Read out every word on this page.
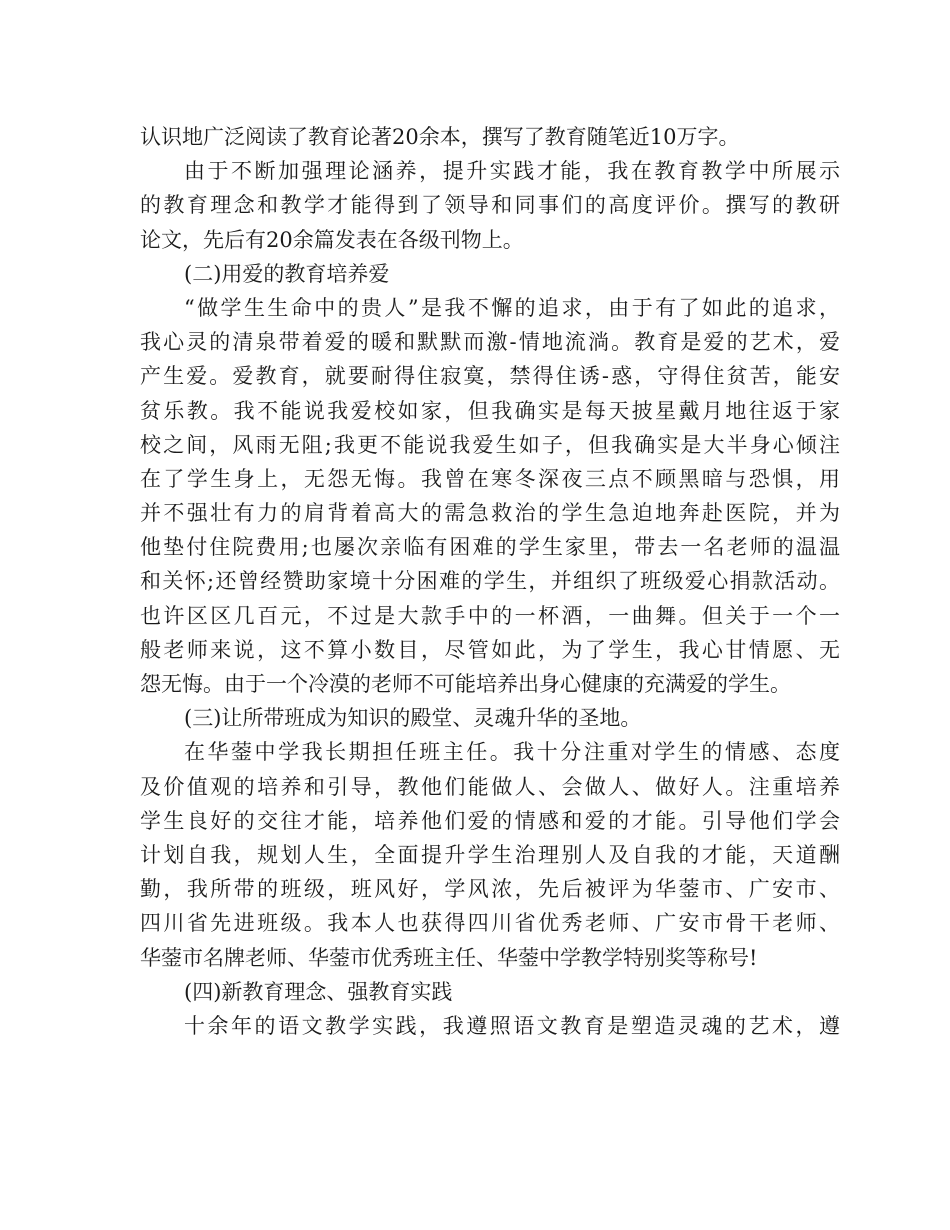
认识地广泛阅读了教育论著20余本，撰写了教育随笔近10万字。
由于不断加强理论涵养，提升实践才能，我在教育教学中所展示
的教育理念和教学才能得到了领导和同事们的高度评价。撰写的教研
论文，先后有20余篇发表在各级刊物上。
(二)用爱的教育培养爱
“做学生生命中的贵人”是我不懈的追求，由于有了如此的追求，
我心灵的清泉带着爱的暖和默默而激-情地流淌。教育是爱的艺术，爱
产生爱。爱教育，就要耐得住寂寞，禁得住诱-惑，守得住贫苦，能安
贫乐教。我不能说我爱校如家，但我确实是每天披星戴月地往返于家
校之间，风雨无阻;我更不能说我爱生如子，但我确实是大半身心倾注
在了学生身上，无怨无悔。我曾在寒冬深夜三点不顾黑暗与恐惧，用
并不强壮有力的肩背着高大的需急救治的学生急迫地奔赴医院，并为
他垫付住院费用;也屡次亲临有困难的学生家里，带去一名老师的温温
和关怀;还曾经赞助家境十分困难的学生，并组织了班级爱心捐款活动。
也许区区几百元，不过是大款手中的一杯酒，一曲舞。但关于一个一
般老师来说，这不算小数目，尽管如此，为了学生，我心甘情愿、无
怨无悔。由于一个冷漠的老师不可能培养出身心健康的充满爱的学生。
(三)让所带班成为知识的殿堂、灵魂升华的圣地。
在华蓥中学我长期担任班主任。我十分注重对学生的情感、态度
及价值观的培养和引导，教他们能做人、会做人、做好人。注重培养
学生良好的交往才能，培养他们爱的情感和爱的才能。引导他们学会
计划自我，规划人生，全面提升学生治理别人及自我的才能，天道酬
勤，我所带的班级，班风好，学风浓，先后被评为华蓥市、广安市、
四川省先进班级。我本人也获得四川省优秀老师、广安市骨干老师、
华蓥市名牌老师、华蓥市优秀班主任、华蓥中学教学特别奖等称号!
(四)新教育理念、强教育实践
十余年的语文教学实践，我遵照语文教育是塑造灵魂的艺术，遵
